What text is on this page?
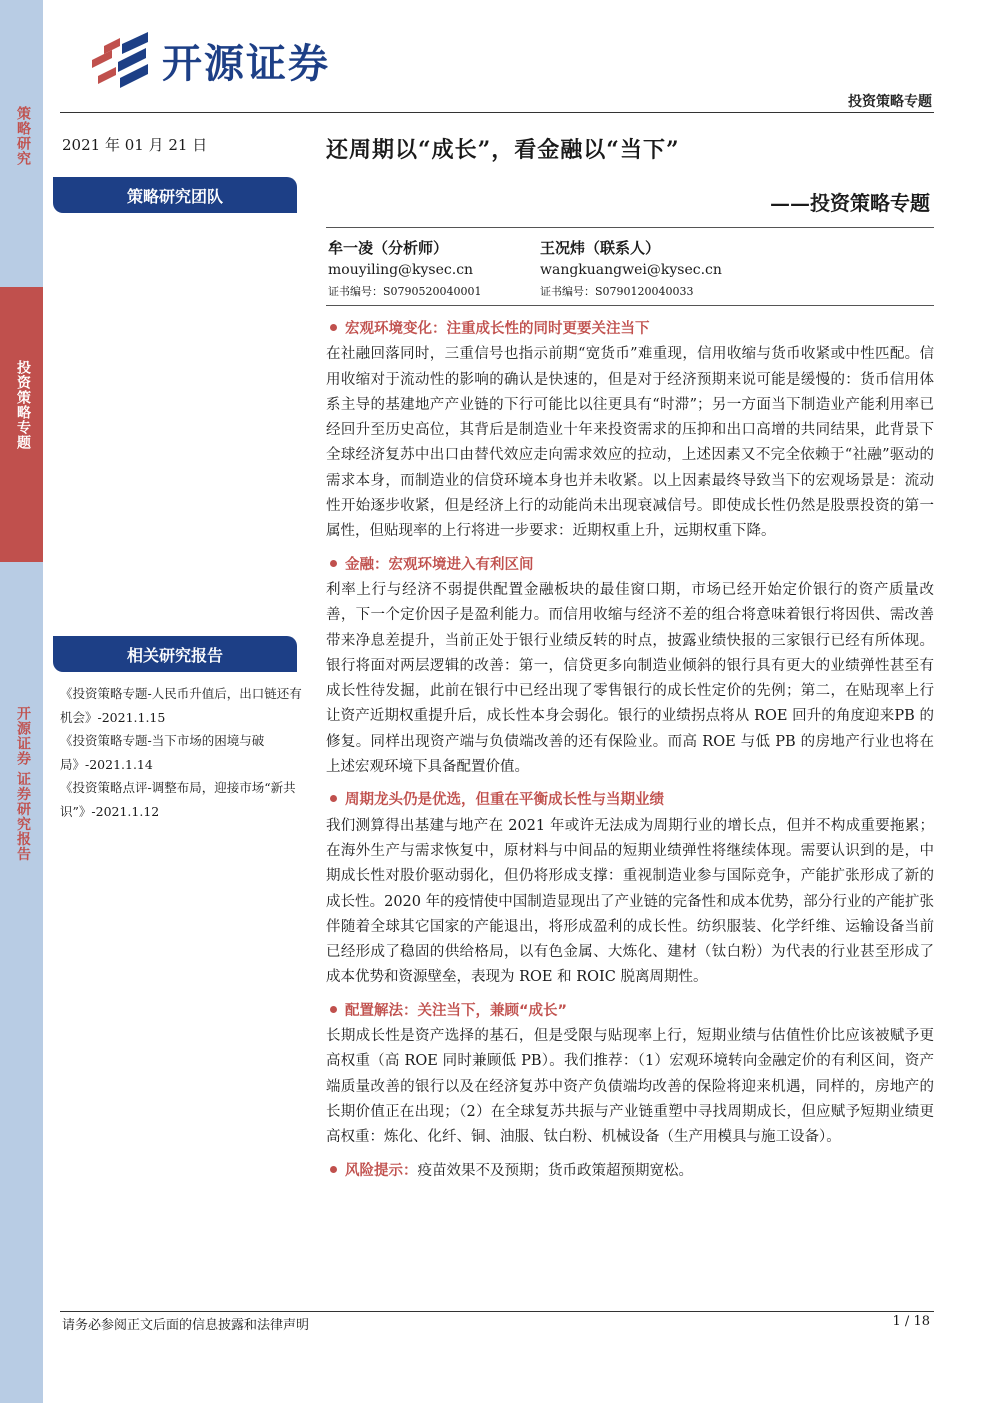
策略研究
投资策略专题
开源证券 证券研究报告
开源证券
投资策略专题
2021 年 01 月 21 日
策略研究团队
相关研究报告

《投资策略专题-人民币升值后，出口链还有机会》-2021.1.15

《投资策略专题-当下市场的困境与破局》-2021.1.14

《投资策略点评-调整布局，迎接市场“新共识”》-2021.1.12

还周期以“成长”，看金融以“当下”
——投资策略专题
牟一凌（分析师）
mouyiling@kysec.cn
证书编号：S0790520040001
王况炜（联系人）
wangkuangwei@kysec.cn
证书编号：S0790120040033
宏观环境变化：注重成长性的同时更要关注当下

在社融回落同时，三重信号也指示前期“宽货币”难重现，信用收缩与货币收紧或中性匹配。信用收缩对于流动性的影响的确认是快速的，但是对于经济预期来说可能是缓慢的：货币信用体系主导的基建地产产业链的下行可能比以往更具有“时滞”；另一方面当下制造业产能利用率已经回升至历史高位，其背后是制造业十年来投资需求的压抑和出口高增的共同结果，此背景下全球经济复苏中出口由替代效应走向需求效应的拉动，上述因素又不完全依赖于“社融”驱动的需求本身，而制造业的信贷环境本身也并未收紧。以上因素最终导致当下的宏观场景是：流动性开始逐步收紧，但是经济上行的动能尚未出现衰减信号。即使成长性仍然是股票投资的第一属性，但贴现率的上行将进一步要求：近期权重上升，远期权重下降。

金融：宏观环境进入有利区间

利率上行与经济不弱提供配置金融板块的最佳窗口期，市场已经开始定价银行的资产质量改善，下一个定价因子是盈利能力。而信用收缩与经济不差的组合将意味着银行将因供、需改善带来净息差提升，当前正处于银行业绩反转的时点，披露业绩快报的三家银行已经有所体现。银行将面对两层逻辑的改善：第一，信贷更多向制造业倾斜的银行具有更大的业绩弹性甚至有成长性待发掘，此前在银行中已经出现了零售银行的成长性定价的先例；第二，在贴现率上行让资产近期权重提升后，成长性本身会弱化。银行的业绩拐点将从 ROE 回升的角度迎来PB 的修复。同样出现资产端与负债端改善的还有保险业。而高 ROE 与低 PB 的房地产行业也将在上述宏观环境下具备配置价值。

周期龙头仍是优选，但重在平衡成长性与当期业绩

我们测算得出基建与地产在 2021 年或许无法成为周期行业的增长点，但并不构成重要拖累；在海外生产与需求恢复中，原材料与中间品的短期业绩弹性将继续体现。需要认识到的是，中期成长性对股价驱动弱化，但仍将形成支撑：重视制造业参与国际竞争，产能扩张形成了新的成长性。2020 年的疫情使中国制造显现出了产业链的完备性和成本优势，部分行业的产能扩张伴随着全球其它国家的产能退出，将形成盈利的成长性。纺织服装、化学纤维、运输设备当前已经形成了稳固的供给格局，以有色金属、大炼化、建材（钛白粉）为代表的行业甚至形成了成本优势和资源壁垒，表现为 ROE 和 ROIC 脱离周期性。

配置解法：关注当下，兼顾“成长”

长期成长性是资产选择的基石，但是受限与贴现率上行，短期业绩与估值性价比应该被赋予更高权重（高 ROE 同时兼顾低 PB）。我们推荐：（1）宏观环境转向金融定价的有利区间，资产端质量改善的银行以及在经济复苏中资产负债端均改善的保险将迎来机遇，同样的，房地产的长期价值正在出现；（2）在全球复苏共振与产业链重塑中寻找周期成长，但应赋予短期业绩更高权重：炼化、化纤、铜、油服、钛白粉、机械设备（生产用模具与施工设备）。

风险提示：疫苗效果不及预期；货币政策超预期宽松。
请务必参阅正文后面的信息披露和法律声明	1 / 18
